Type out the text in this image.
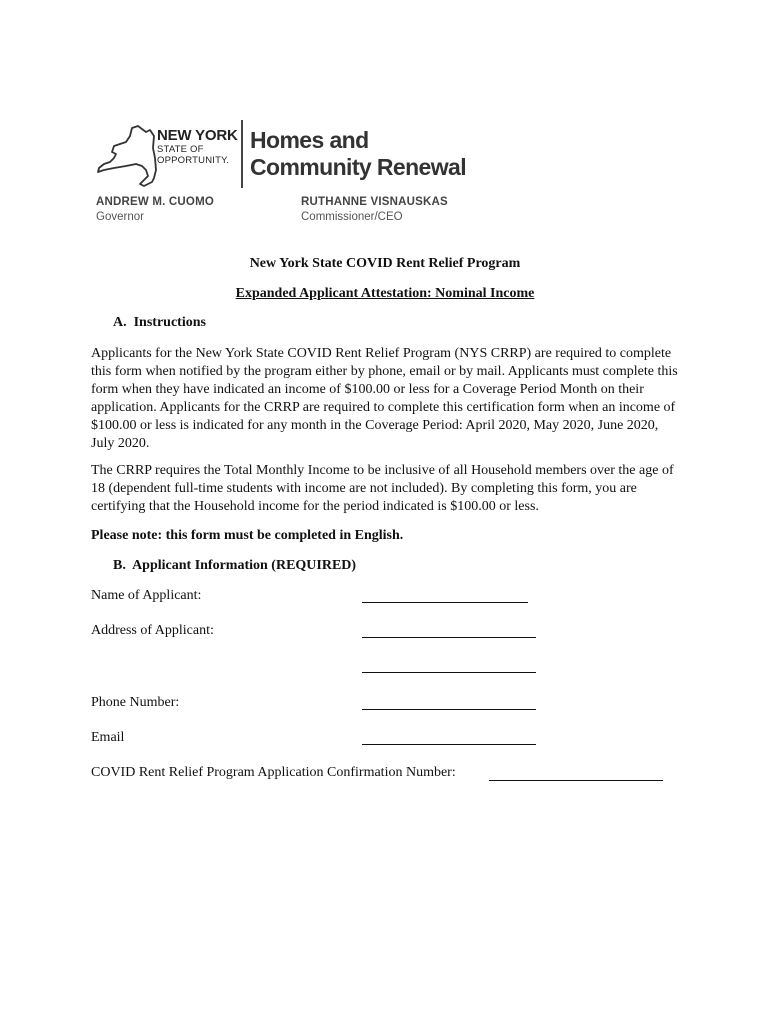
NEW YORK
STATE OF
OPPORTUNITY.
Homes and
Community Renewal
ANDREW M. CUOMO
Governor
RUTHANNE VISNAUSKAS
Commissioner/CEO
New York State COVID Rent Relief Program
Expanded Applicant Attestation: Nominal Income
A.  Instructions
Applicants for the New York State COVID Rent Relief Program (NYS CRRP) are required to complete this form when notified by the program either by phone, email or by mail. Applicants must complete this form when they have indicated an income of $100.00 or less for a Coverage Period Month on their application. Applicants for the CRRP are required to complete this certification form when an income of $100.00 or less is indicated for any month in the Coverage Period: April 2020, May 2020, June 2020, July 2020.
The CRRP requires the Total Monthly Income to be inclusive of all Household members over the age of 18 (dependent full-time students with income are not included). By completing this form, you are certifying that the Household income for the period indicated is $100.00 or less.
Please note: this form must be completed in English.
B.  Applicant Information (REQUIRED)
Name of Applicant:
Address of Applicant:
Phone Number:
Email
COVID Rent Relief Program Application Confirmation Number:
